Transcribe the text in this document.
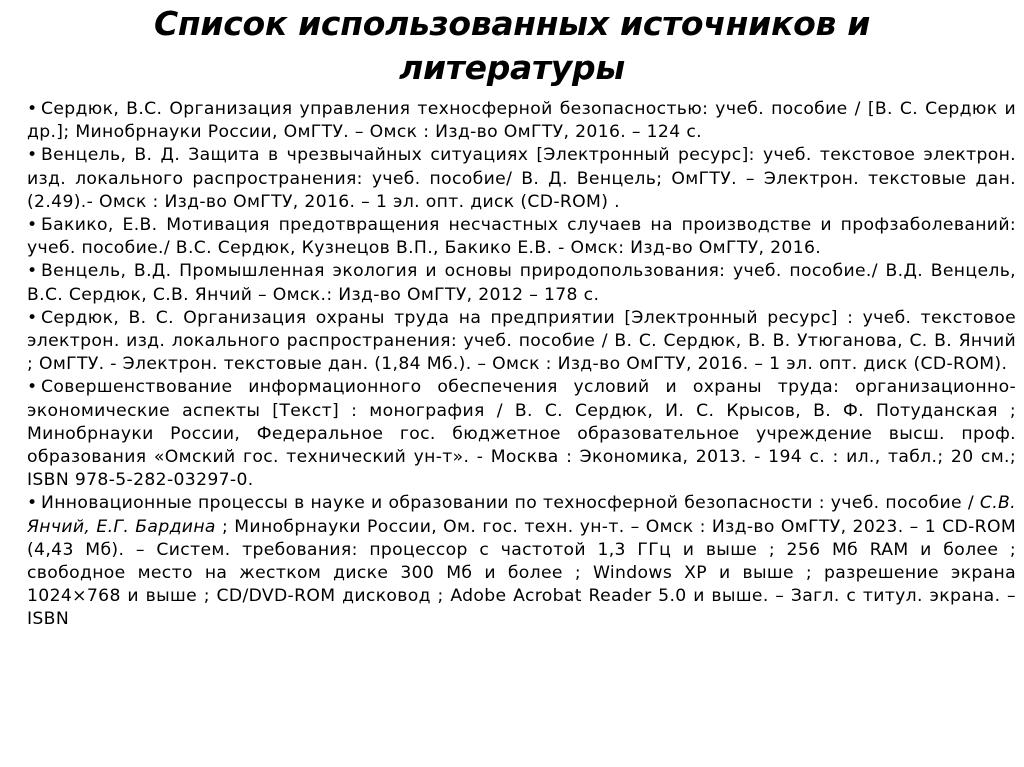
Список использованных источников и литературы
• Сердюк, В.С. Организация управления техносферной безопасностью: учеб. пособие / [В. С. Сердюк и др.]; Минобрнауки России, ОмГТУ. – Омск : Изд-во ОмГТУ, 2016. – 124 с.
• Венцель, В. Д. Защита в чрезвычайных ситуациях [Электронный ресурс]: учеб. текстовое электрон. изд. локального распространения: учеб. пособие/ В. Д. Венцель; ОмГТУ. – Электрон. текстовые дан. (2.49).- Омск : Изд-во ОмГТУ, 2016. – 1 эл. опт. диск (CD-ROM) .
• Бакико, Е.В. Мотивация предотвращения несчастных случаев на производстве и профзаболеваний: учеб. пособие./ В.С. Сердюк, Кузнецов В.П., Бакико Е.В. - Омск: Изд-во ОмГТУ, 2016.
• Венцель, В.Д. Промышленная экология и основы природопользования: учеб. пособие./ В.Д. Венцель, В.С. Сердюк, С.В. Янчий – Омск.: Изд-во ОмГТУ, 2012 – 178 с.
• Сердюк, В. С. Организация охраны труда на предприятии [Электронный ресурс] : учеб. текстовое электрон. изд. локального распространения: учеб. пособие / В. С. Сердюк, В. В. Утюганова, С. В. Янчий ; ОмГТУ. - Электрон. текстовые дан. (1,84 Мб.). – Омск : Изд-во ОмГТУ, 2016. – 1 эл. опт. диск (CD-ROM).
• Совершенствование информационного обеспечения условий и охраны труда: организационно-экономические аспекты [Текст] : монография / В. С. Сердюк, И. С. Крысов, В. Ф. Потуданская ; Минобрнауки России, Федеральное гос. бюджетное образовательное учреждение высш. проф. образования «Омский гос. технический ун-т». - Москва : Экономика, 2013. - 194 с. : ил., табл.; 20 см.; ISBN 978-5-282-03297-0.
• Инновационные процессы в науке и образовании по техносферной безопасности : учеб. пособие / С.В. Янчий, Е.Г. Бардина ; Минобрнауки России, Ом. гос. техн. ун-т. – Омск : Изд-во ОмГТУ, 2023. – 1 CD-ROM (4,43 Мб). – Систем. требования: процессор с частотой 1,3 ГГц и выше ; 256 Мб RAM и более ; свободное место на жестком диске 300 Мб и более ; Windows XP и выше ; разрешение экрана 1024×768 и выше ; CD/DVD-ROM дисковод ; Adobe Acrobat Reader 5.0 и выше. – Загл. с титул. экрана. – ISBN
